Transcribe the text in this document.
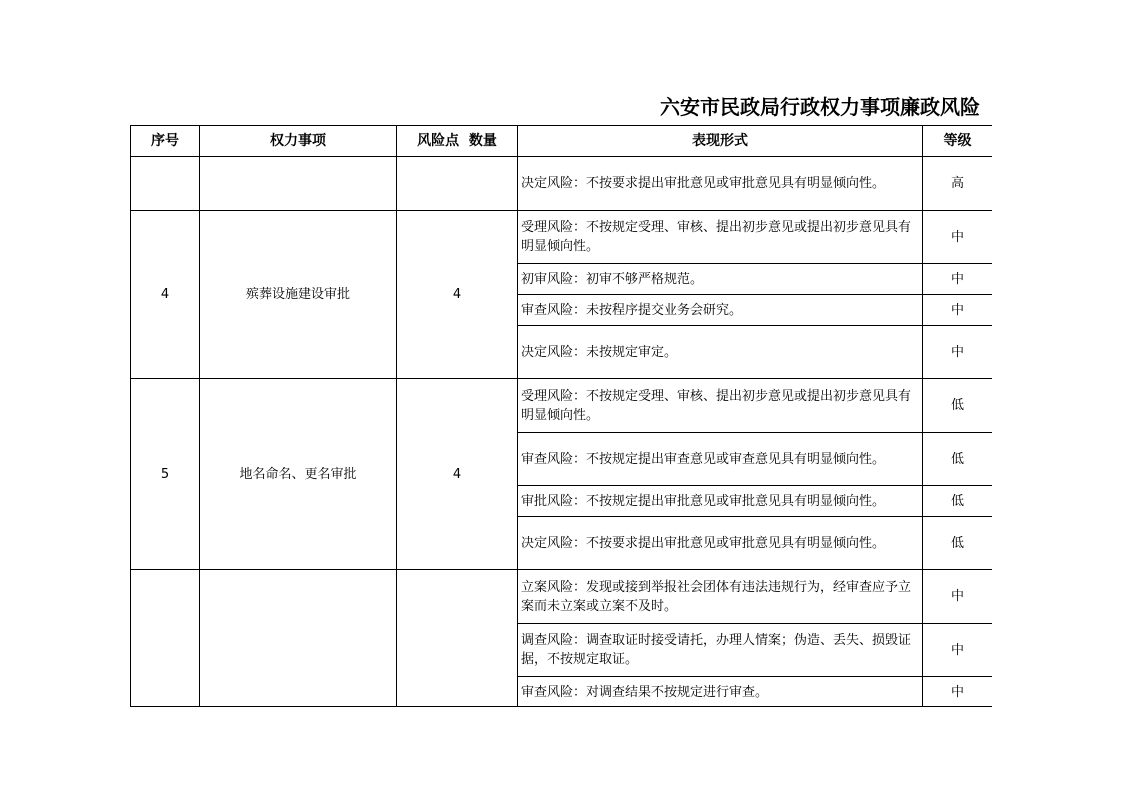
六安市民政局行政权力事项廉政风险
序号	权力事项	风险点  数量	表现形式	等级
			决定风险：不按要求提出审批意见或审批意见具有明显倾向性。	高
4	殡葬设施建设审批	4	受理风险：不按规定受理、审核、提出初步意见或提出初步意见具有明显倾向性。	中
			初审风险：初审不够严格规范。	中
			审查风险：未按程序提交业务会研究。	中
			决定风险：未按规定审定。	中
5	地名命名、更名审批	4	受理风险：不按规定受理、审核、提出初步意见或提出初步意见具有明显倾向性。	低
			审查风险：不按规定提出审查意见或审查意见具有明显倾向性。	低
			审批风险：不按规定提出审批意见或审批意见具有明显倾向性。	低
			决定风险：不按要求提出审批意见或审批意见具有明显倾向性。	低
			立案风险：发现或接到举报社会团体有违法违规行为，经审查应予立案而未立案或立案不及时。	中
			调查风险：调查取证时接受请托，办理人情案；伪造、丢失、损毁证据，不按规定取证。	中
			审查风险：对调查结果不按规定进行审查。	中
